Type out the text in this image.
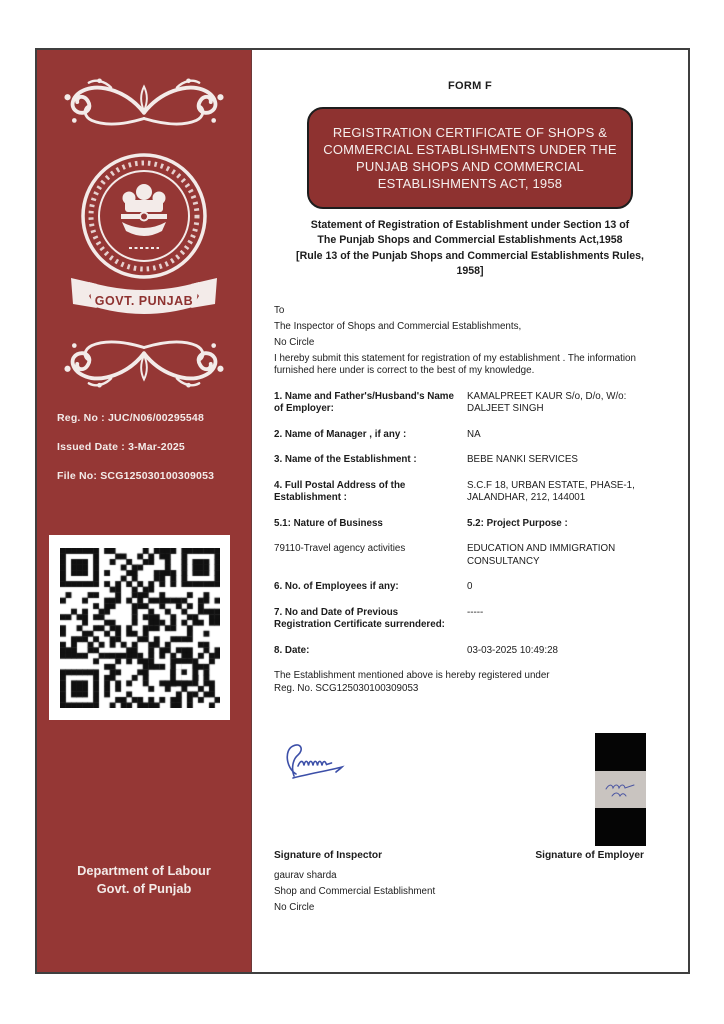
GOVT. PUNJAB

Reg. No : JUC/N06/00295548

Issued Date : 3-Mar-2025

File No: SCG125030100309053

Department of Labour
Govt. of Punjab
FORM F
REGISTRATION CERTIFICATE OF SHOPS & COMMERCIAL ESTABLISHMENTS UNDER THE PUNJAB SHOPS AND COMMERCIAL ESTABLISHMENTS ACT, 1958
Statement of Registration of Establishment under Section 13 of
The Punjab Shops and Commercial Establishments Act,1958
[Rule 13 of the Punjab Shops and Commercial Establishments Rules, 1958]

To

The Inspector of Shops and Commercial Establishments,

No Circle

I hereby submit this statement for registration of my establishment . The information furnished here under is correct to the best of my knowledge.

1. Name and Father's/Husband's Name of Employer:
KAMALPREET KAUR S/o, D/o, W/o: DALJEET SINGH
2. Name of Manager , if any :	NA
3. Name of the Establishment :	BEBE NANKI SERVICES
4. Full Postal Address of the Establishment :
S.C.F 18, URBAN ESTATE, PHASE-1, JALANDHAR, 212, 144001
5.1: Nature of Business	5.2: Project Purpose :
79110-Travel agency activities	EDUCATION AND IMMIGRATION CONSULTANCY
6. No. of Employees if any:	0
7. No and Date of Previous Registration Certificate surrendered:
-----
8. Date:	03-03-2025 10:49:28
The Establishment mentioned above is hereby registered under Reg. No. SCG125030100309053
Signature of Inspector	Signature of Employer
gaurav sharda
Shop and Commercial Establishment
No Circle
